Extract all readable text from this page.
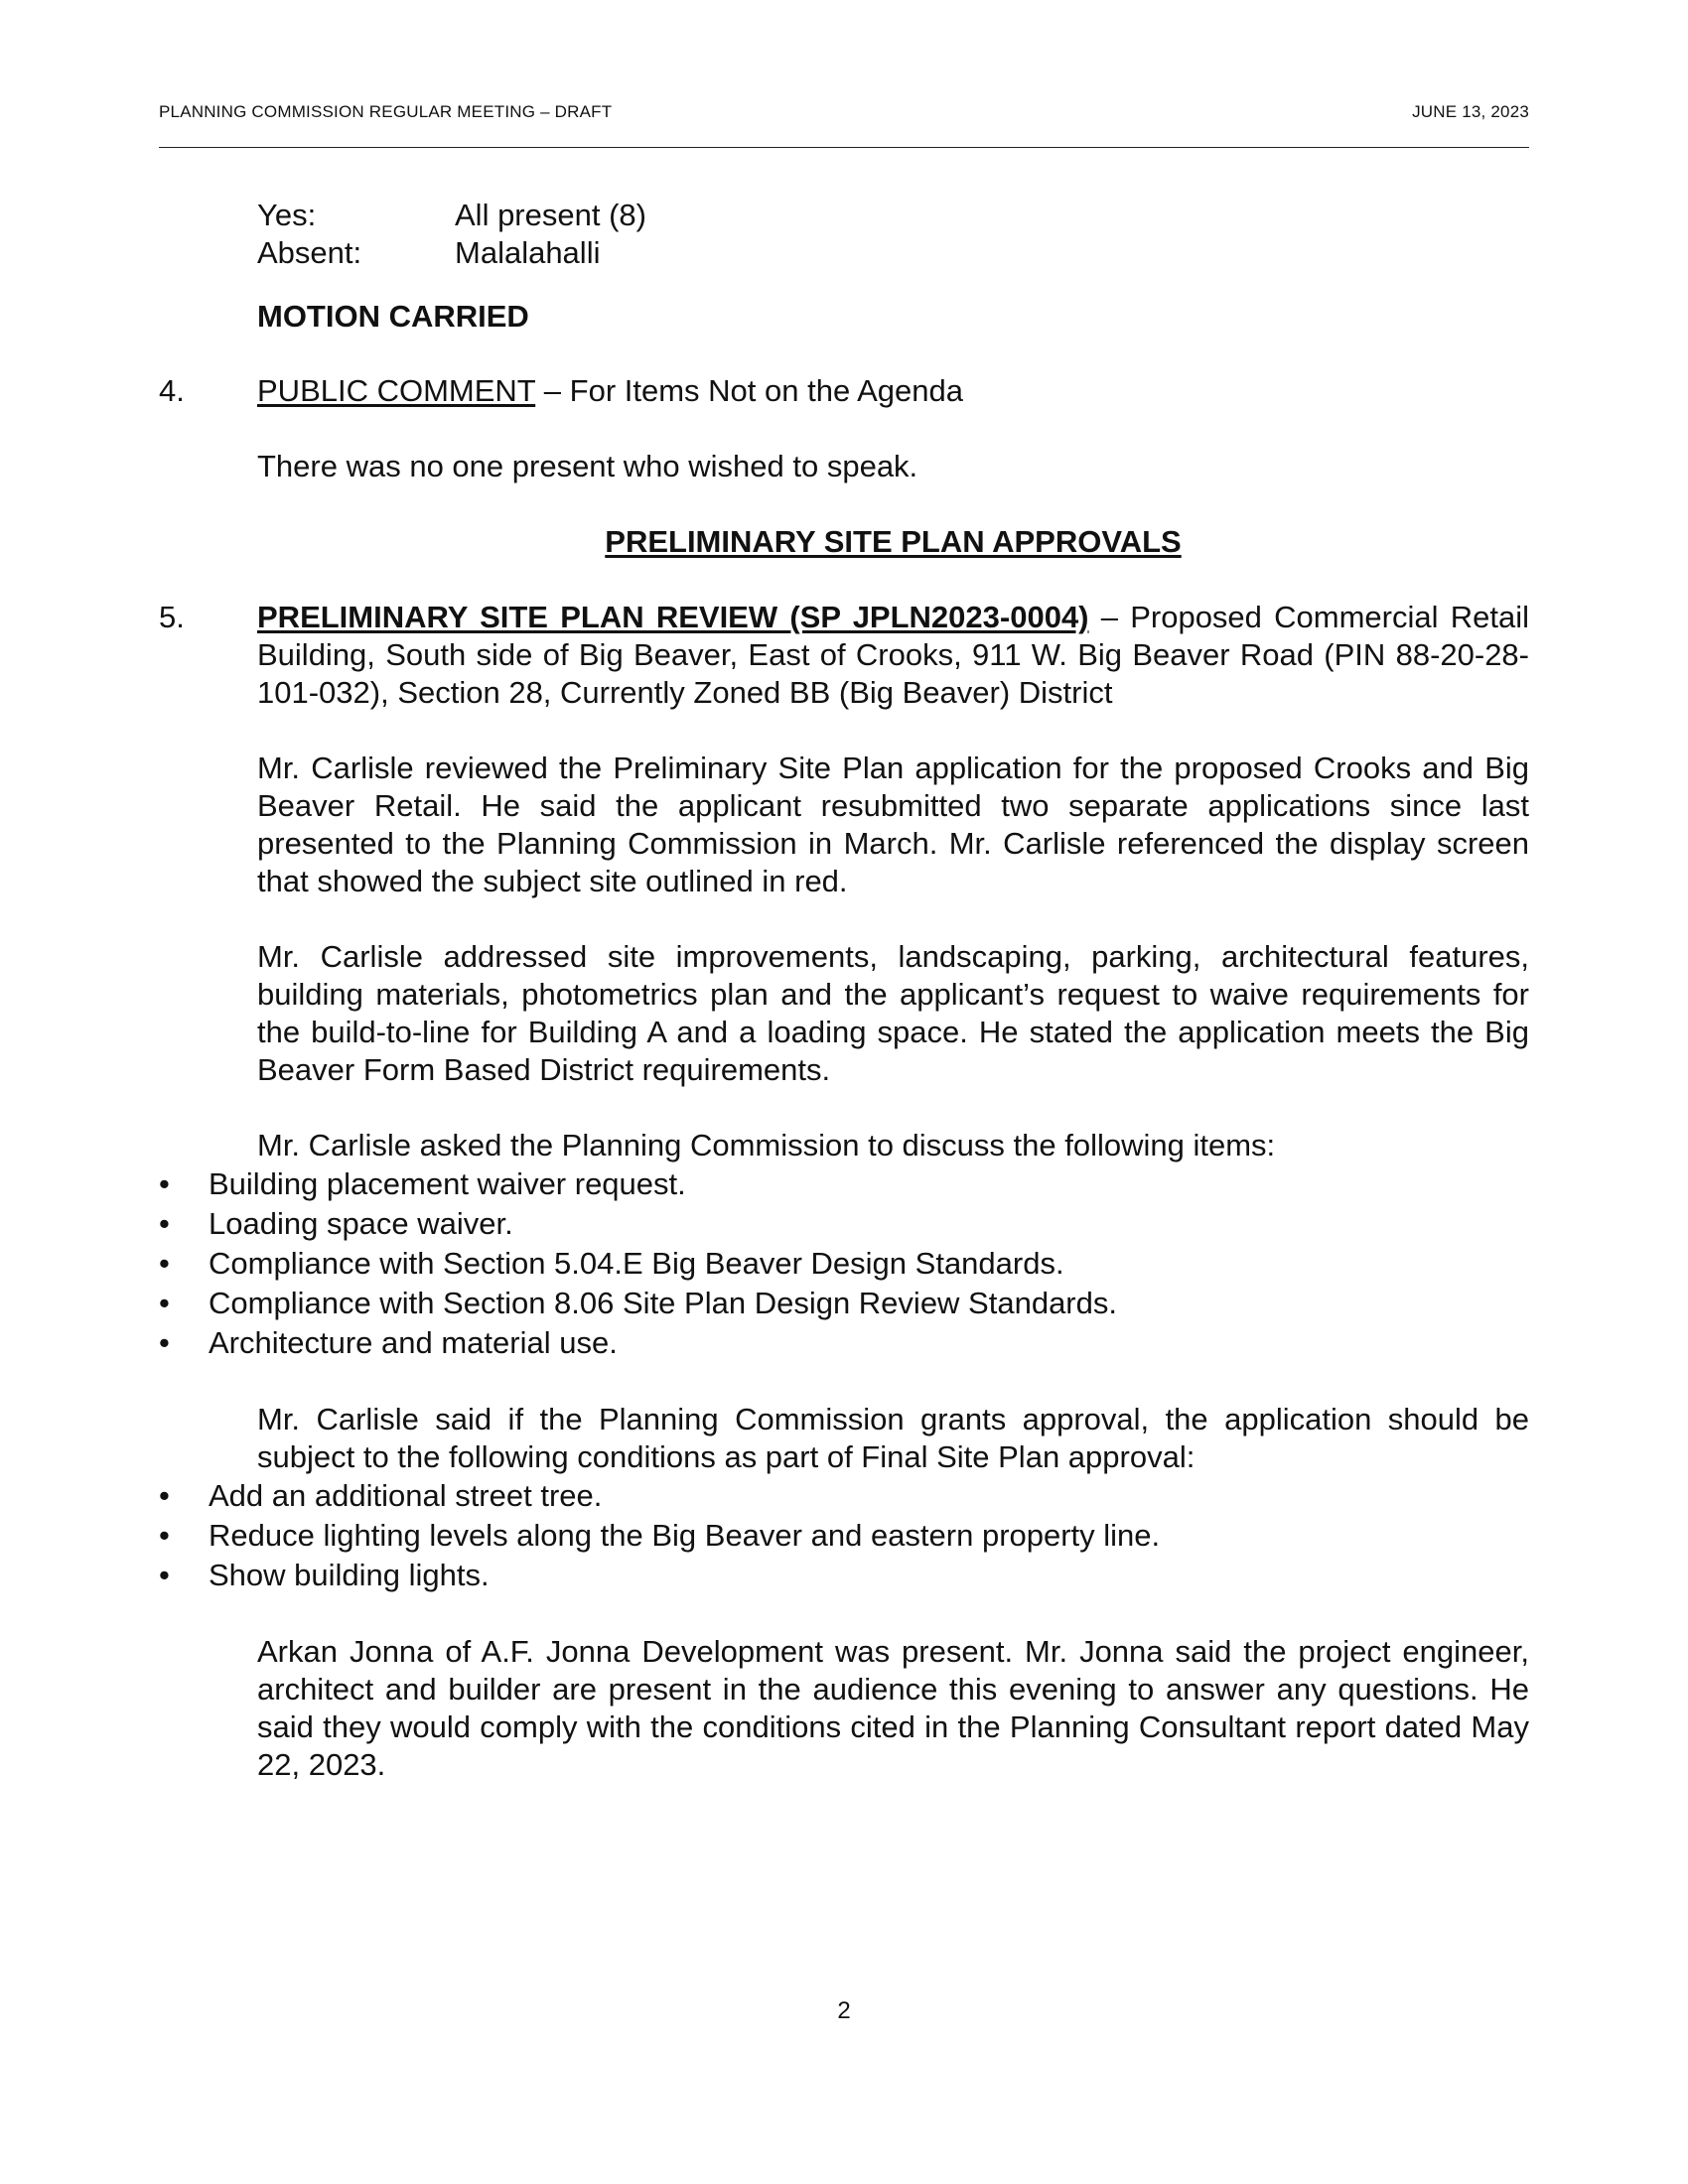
PLANNING COMMISSION REGULAR MEETING – DRAFT	JUNE 13, 2023
Yes:	All present (8)
Absent:	Malalahalli
MOTION CARRIED
4.	PUBLIC COMMENT – For Items Not on the Agenda
There was no one present who wished to speak.
PRELIMINARY SITE PLAN APPROVALS
5.	PRELIMINARY SITE PLAN REVIEW (SP JPLN2023-0004) – Proposed Commercial Retail Building, South side of Big Beaver, East of Crooks, 911 W. Big Beaver Road (PIN 88-20-28-101-032), Section 28, Currently Zoned BB (Big Beaver) District
Mr. Carlisle reviewed the Preliminary Site Plan application for the proposed Crooks and Big Beaver Retail. He said the applicant resubmitted two separate applications since last presented to the Planning Commission in March. Mr. Carlisle referenced the display screen that showed the subject site outlined in red.
Mr. Carlisle addressed site improvements, landscaping, parking, architectural features, building materials, photometrics plan and the applicant’s request to waive requirements for the build-to-line for Building A and a loading space. He stated the application meets the Big Beaver Form Based District requirements.
Mr. Carlisle asked the Planning Commission to discuss the following items:
•	Building placement waiver request.
•	Loading space waiver.
•	Compliance with Section 5.04.E Big Beaver Design Standards.
•	Compliance with Section 8.06 Site Plan Design Review Standards.
•	Architecture and material use.
Mr. Carlisle said if the Planning Commission grants approval, the application should be subject to the following conditions as part of Final Site Plan approval:
•	Add an additional street tree.
•	Reduce lighting levels along the Big Beaver and eastern property line.
•	Show building lights.
Arkan Jonna of A.F. Jonna Development was present. Mr. Jonna said the project engineer, architect and builder are present in the audience this evening to answer any questions. He said they would comply with the conditions cited in the Planning Consultant report dated May 22, 2023.
2
